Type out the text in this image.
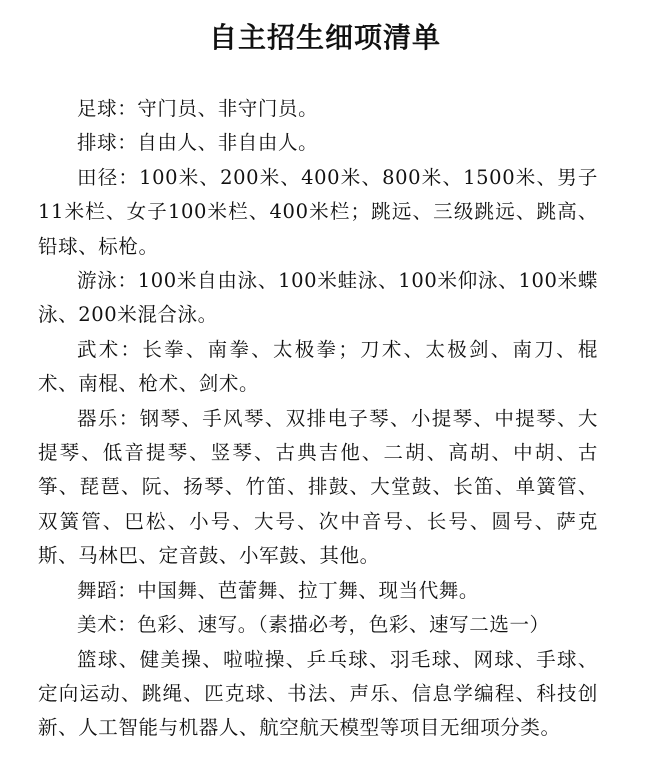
自主招生细项清单

足球：守门员、非守门员。

排球：自由人、非自由人。

田径：100米、200米、400米、800米、1500米、男子11米栏、女子100米栏、400米栏；跳远、三级跳远、跳高、铅球、标枪。

游泳：100米自由泳、100米蛙泳、100米仰泳、100米蝶泳、200米混合泳。

武术：长拳、南拳、太极拳；刀术、太极剑、南刀、棍术、南棍、枪术、剑术。

器乐：钢琴、手风琴、双排电子琴、小提琴、中提琴、大提琴、低音提琴、竖琴、古典吉他、二胡、高胡、中胡、古筝、琵琶、阮、扬琴、竹笛、排鼓、大堂鼓、长笛、单簧管、双簧管、巴松、小号、大号、次中音号、长号、圆号、萨克斯、马林巴、定音鼓、小军鼓、其他。

舞蹈：中国舞、芭蕾舞、拉丁舞、现当代舞。

美术：色彩、速写。（素描必考，色彩、速写二选一）

篮球、健美操、啦啦操、乒乓球、羽毛球、网球、手球、定向运动、跳绳、匹克球、书法、声乐、信息学编程、科技创新、人工智能与机器人、航空航天模型等项目无细项分类。
